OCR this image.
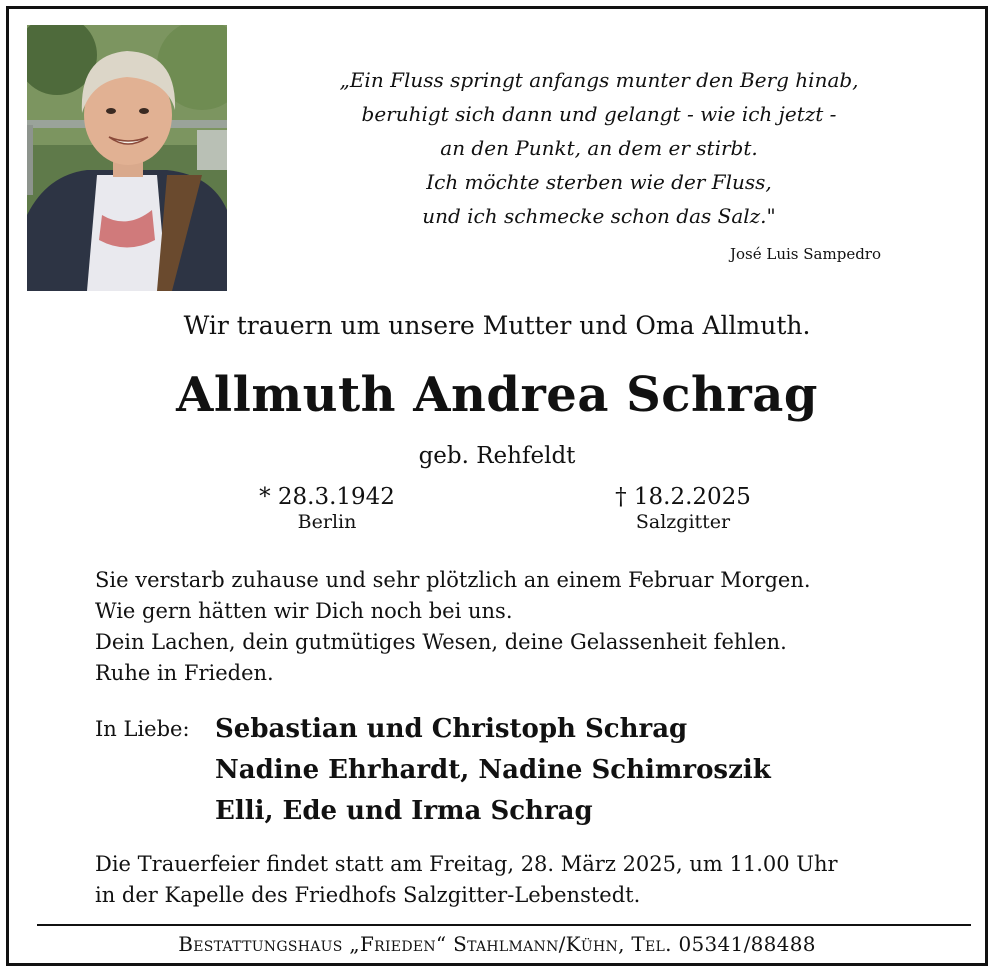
„Ein Fluss springt anfangs munter den Berg hinab,
beruhigt sich dann und gelangt - wie ich jetzt -
an den Punkt, an dem er stirbt.
Ich möchte sterben wie der Fluss,
und ich schmecke schon das Salz."
José Luis Sampedro
Wir trauern um unsere Mutter und Oma Allmuth.
Allmuth Andrea Schrag
geb. Rehfeldt
* 28.3.1942
Berlin
† 18.2.2025
Salzgitter
Sie verstarb zuhause und sehr plötzlich an einem Februar Morgen.
Wie gern hätten wir Dich noch bei uns.
Dein Lachen, dein gutmütiges Wesen, deine Gelassenheit fehlen.
Ruhe in Frieden.
In Liebe: Sebastian und Christoph Schrag
Nadine Ehrhardt, Nadine Schimroszik
Elli, Ede und Irma Schrag
Die Trauerfeier findet statt am Freitag, 28. März 2025, um 11.00 Uhr
in der Kapelle des Friedhofs Salzgitter-Lebenstedt.
Bestattungshaus „Frieden“ Stahlmann/Kühn, Tel. 05341/88488
